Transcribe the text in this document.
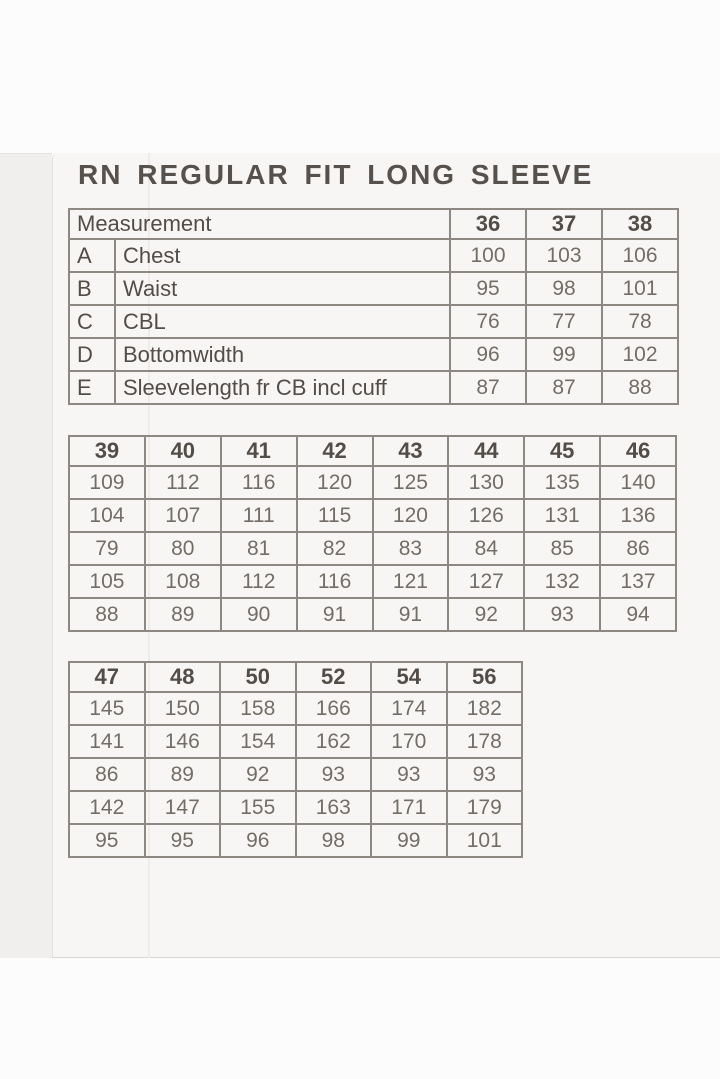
RN REGULAR FIT LONG SLEEVE
Measurement		36	37	38
A	Chest	100	103	106
B	Waist	95	98	101
C	CBL	76	77	78
D	Bottomwidth	96	99	102
E	Sleevelength fr CB incl cuff	87	87	88
39	40	41	42	43	44	45	46
109	112	116	120	125	130	135	140
104	107	111	115	120	126	131	136
79	80	81	82	83	84	85	86
105	108	112	116	121	127	132	137
88	89	90	91	91	92	93	94
47	48	50	52	54	56
145	150	158	166	174	182
141	146	154	162	170	178
86	89	92	93	93	93
142	147	155	163	171	179
95	95	96	98	99	101
